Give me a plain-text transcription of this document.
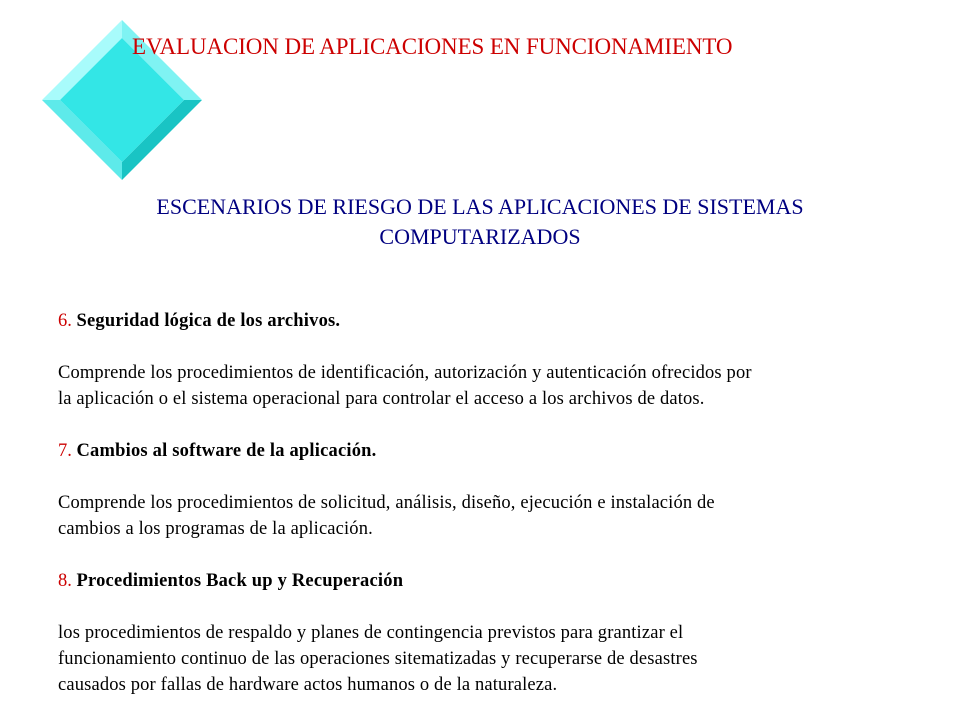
EVALUACION DE APLICACIONES EN FUNCIONAMIENTO
ESCENARIOS DE RIESGO DE LAS APLICACIONES DE SISTEMAS
COMPUTARIZADOS
6. Seguridad lógica de los archivos.
Comprende los procedimientos de identificación, autorización y autenticación ofrecidos por
la aplicación o el sistema operacional para controlar el acceso a los archivos de datos.
7. Cambios al software de la aplicación.
Comprende los procedimientos de solicitud, análisis, diseño, ejecución e instalación de
cambios a los programas de la aplicación.
8. Procedimientos Back up y Recuperación
los procedimientos de respaldo y planes de contingencia previstos para grantizar el
funcionamiento continuo de las operaciones sitematizadas y recuperarse de desastres
causados por fallas de hardware actos humanos o de la naturaleza.
